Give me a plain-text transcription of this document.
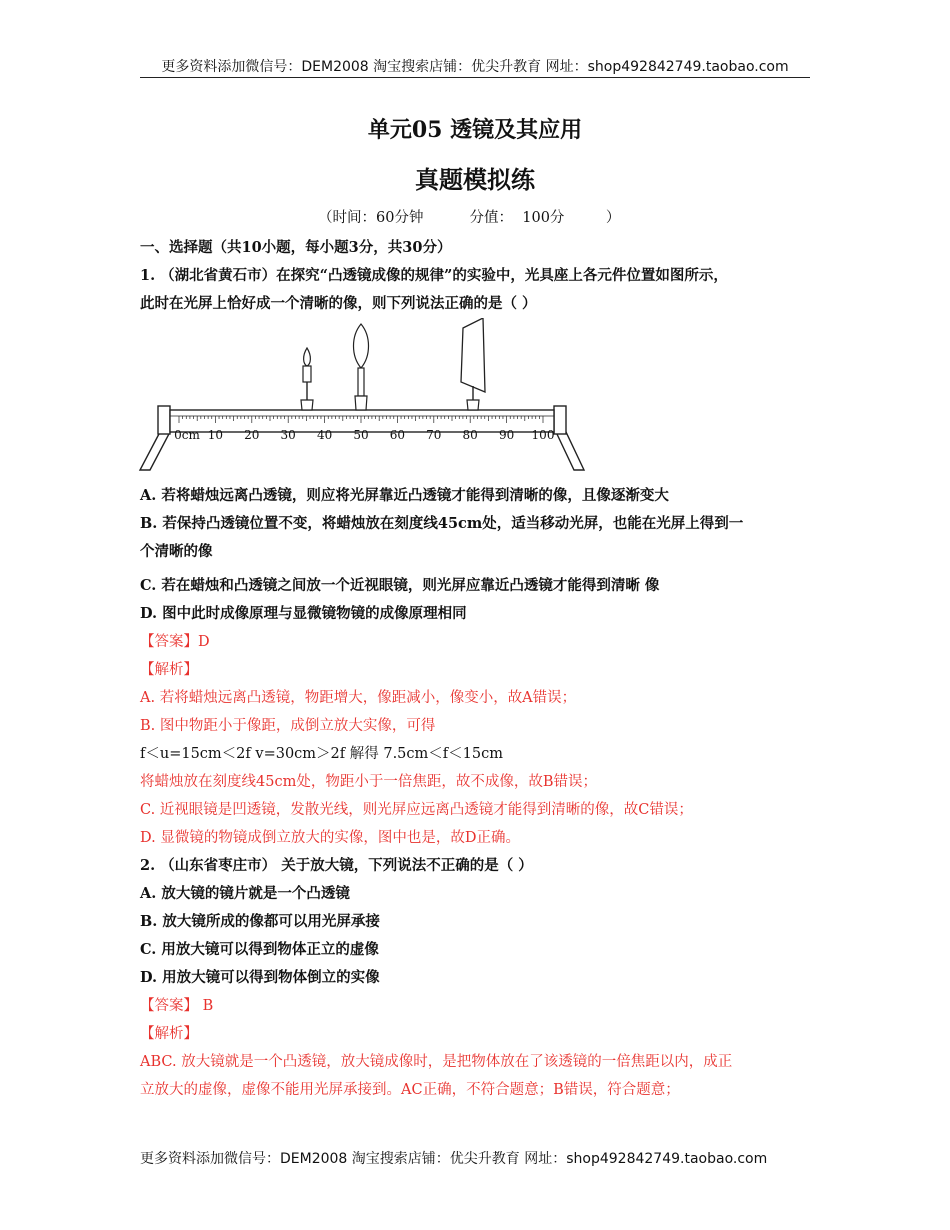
更多资料添加微信号：DEM2008 淘宝搜索店铺：优尖升教育 网址：shop492842749.taobao.com
单元05 透镜及其应用
真题模拟练
（时间：60分钟          分值：  100分         ）
一、选择题（共10小题，每小题3分，共30分）
1. （湖北省黄石市）在探究“凸透镜成像的规律”的实验中，光具座上各元件位置如图所示，
此时在光屏上恰好成一个清晰的像，则下列说法正确的是（ ）
0cm 10 20 30 40 50 60 70 80 90 100
A. 若将蜡烛远离凸透镜，则应将光屏靠近凸透镜才能得到清晰的像，且像逐渐变大
B. 若保持凸透镜位置不变，将蜡烛放在刻度线45cm处，适当移动光屏，也能在光屏上得到一
个清晰的像
C. 若在蜡烛和凸透镜之间放一个近视眼镜，则光屏应靠近凸透镜才能得到清晰 像
D. 图中此时成像原理与显微镜物镜的成像原理相同
【答案】D
【解析】
A. 若将蜡烛远离凸透镜，物距增大，像距减小，像变小，故A错误；
B. 图中物距小于像距，成倒立放大实像，可得
f＜u=15cm＜2f v=30cm＞2f 解得 7.5cm＜f＜15cm
将蜡烛放在刻度线45cm处，物距小于一倍焦距，故不成像，故B错误；
C. 近视眼镜是凹透镜，发散光线，则光屏应远离凸透镜才能得到清晰的像，故C错误；
D. 显微镜的物镜成倒立放大的实像，图中也是，故D正确。
2. （山东省枣庄市） 关于放大镜，下列说法不正确的是（ ）
A. 放大镜的镜片就是一个凸透镜
B. 放大镜所成的像都可以用光屏承接
C. 用放大镜可以得到物体正立的虚像
D. 用放大镜可以得到物体倒立的实像
【答案】 B
【解析】
ABC. 放大镜就是一个凸透镜，放大镜成像时，是把物体放在了该透镜的一倍焦距以内，成正
立放大的虚像，虚像不能用光屏承接到。AC正确，不符合题意；B错误，符合题意；
更多资料添加微信号：DEM2008 淘宝搜索店铺：优尖升教育 网址：shop492842749.taobao.com
